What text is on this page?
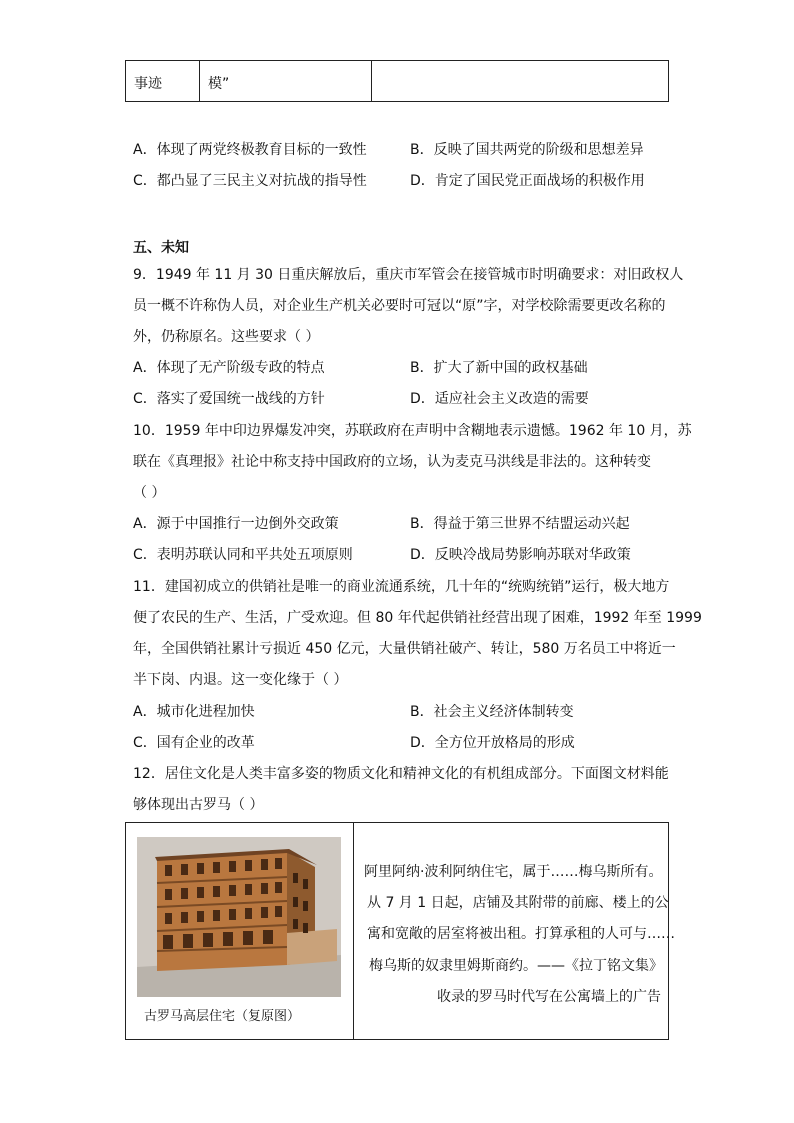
事迹	模”
A．体现了两党终极教育目标的一致性	B．反映了国共两党的阶级和思想差异
C．都凸显了三民主义对抗战的指导性	D．肯定了国民党正面战场的积极作用
五、未知
9．1949 年 11 月 30 日重庆解放后，重庆市军管会在接管城市时明确要求：对旧政权人
员一概不许称伪人员，对企业生产机关必要时可冠以“原”字，对学校除需要更改名称的
外，仍称原名。这些要求（ ）
A．体现了无产阶级专政的特点	B．扩大了新中国的政权基础
C．落实了爱国统一战线的方针	D．适应社会主义改造的需要
10．1959 年中印边界爆发冲突，苏联政府在声明中含糊地表示遗憾。1962 年 10 月，苏
联在《真理报》社论中称支持中国政府的立场，认为麦克马洪线是非法的。这种转变
（ ）
A．源于中国推行一边倒外交政策	B．得益于第三世界不结盟运动兴起
C．表明苏联认同和平共处五项原则	D．反映冷战局势影响苏联对华政策
11．建国初成立的供销社是唯一的商业流通系统，几十年的“统购统销”运行，极大地方
便了农民的生产、生活，广受欢迎。但 80 年代起供销社经营出现了困难，1992 年至 1999
年，全国供销社累计亏损近 450 亿元，大量供销社破产、转让，580 万名员工中将近一
半下岗、内退。这一变化缘于（ ）
A．城市化进程加快	B．社会主义经济体制转变
C．国有企业的改革	D．全方位开放格局的形成
12．居住文化是人类丰富多姿的物质文化和精神文化的有机组成部分。下面图文材料能
够体现出古罗马（ ）
古罗马高层住宅（复原图）
阿里阿纳·波利阿纳住宅，属于……梅乌斯所有。
从 7 月 1 日起，店铺及其附带的前廊、楼上的公
寓和宽敞的居室将被出租。打算承租的人可与……
梅乌斯的奴隶里姆斯商约。——《拉丁铭文集》
收录的罗马时代写在公寓墙上的广告
